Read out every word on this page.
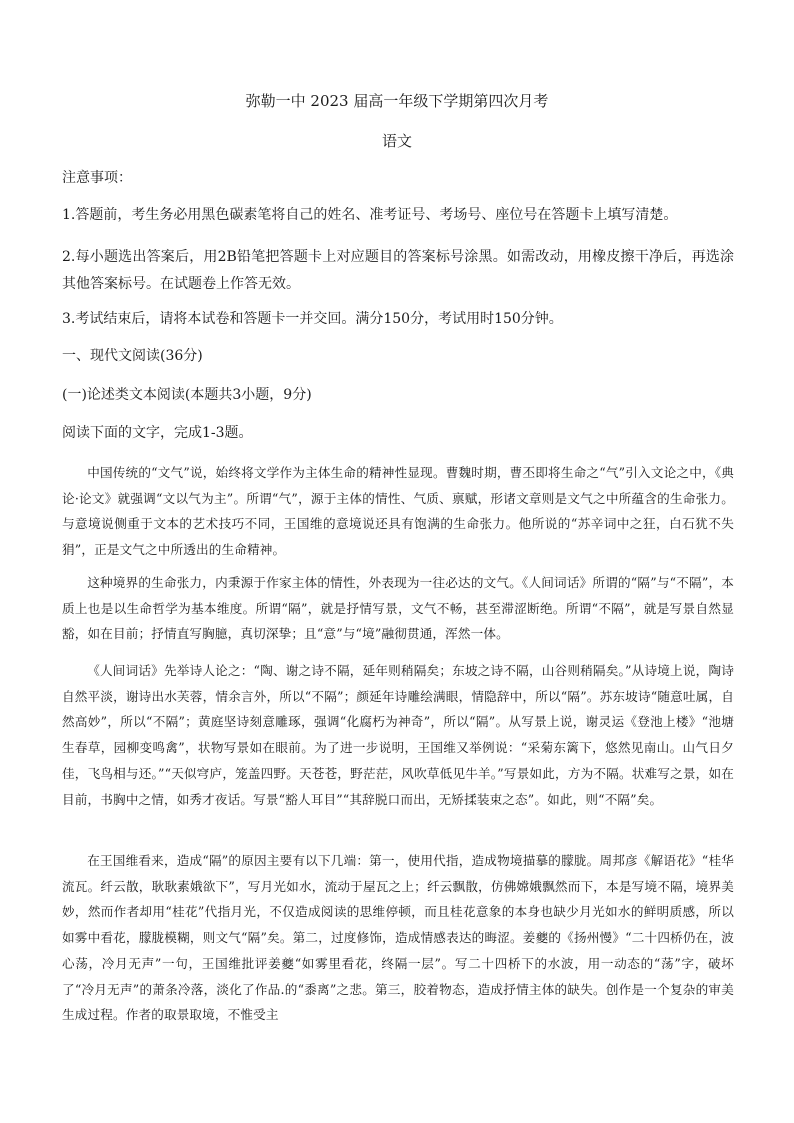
弥勒一中 2023 届高一年级下学期第四次月考
语文

注意事项：

1.答题前，考生务必用黑色碳素笔将自己的姓名、准考证号、考场号、座位号在答题卡上填写清楚。

2.每小题选出答案后，用2B铅笔把答题卡上对应题目的答案标号涂黑。如需改动，用橡皮擦干净后，再选涂其他答案标号。在试题卷上作答无效。

3.考试结束后，请将本试卷和答题卡一并交回。满分150分，考试用时150分钟。

一、现代文阅读(36分)

(一)论述类文本阅读(本题共3小题，9分)

阅读下面的文字，完成1-3题。

中国传统的“文气”说，始终将文学作为主体生命的精神性显现。曹魏时期，曹丕即将生命之“气”引入文论之中，《典论·论文》就强调“文以气为主”。所谓“气”，源于主体的情性、气质、禀赋，形诸文章则是文气之中所蕴含的生命张力。与意境说侧重于文本的艺术技巧不同，王国维的意境说还具有饱满的生命张力。他所说的“苏辛词中之狂，白石犹不失狷”，正是文气之中所透出的生命精神。

这种境界的生命张力，内秉源于作家主体的情性，外表现为一往必达的文气。《人间词话》所谓的“隔”与“不隔”，本质上也是以生命哲学为基本维度。所谓“隔”，就是抒情写景，文气不畅，甚至滞涩断绝。所谓“不隔”，就是写景自然显豁，如在目前；抒情直写胸臆，真切深挚；且“意”与“境”融彻贯通，浑然一体。

《人间词话》先举诗人论之：“陶、谢之诗不隔，延年则稍隔矣；东坡之诗不隔，山谷则稍隔矣。”从诗境上说，陶诗自然平淡，谢诗出水芙蓉，情余言外，所以“不隔”；颜延年诗雕绘满眼，情隐辞中，所以“隔”。苏东坡诗“随意吐属，自然高妙”，所以“不隔”；黄庭坚诗刻意雕琢，强调“化腐朽为神奇”，所以“隔”。从写景上说，谢灵运《登池上楼》“池塘生春草，园柳变鸣禽”，状物写景如在眼前。为了进一步说明，王国维又举例说：“采菊东篱下，悠然见南山。山气日夕佳，飞鸟相与还。”“天似穹庐，笼盖四野。天苍苍，野茫茫，风吹草低见牛羊。”写景如此，方为不隔。状难写之景，如在目前，书胸中之情，如秀才夜话。写景“豁人耳目”“其辞脱口而出，无矫揉装束之态”。如此，则“不隔”矣。

在王国维看来，造成“隔”的原因主要有以下几端：第一，使用代指，造成物境描摹的朦胧。周邦彦《解语花》“桂华流瓦。纤云散，耿耿素娥欲下”，写月光如水，流动于屋瓦之上；纤云飘散，仿佛嫦娥飘然而下，本是写境不隔，境界美妙，然而作者却用“桂花”代指月光，不仅造成阅读的思维停顿，而且桂花意象的本身也缺少月光如水的鲜明质感，所以如雾中看花，朦胧模糊，则文气“隔”矣。第二，过度修饰，造成情感表达的晦涩。姜夔的《扬州慢》“二十四桥仍在，波心荡，冷月无声”一句，王国维批评姜夔“如雾里看花，终隔一层”。写二十四桥下的水波，用一动态的“荡”字，破坏了“冷月无声”的萧条冷落，淡化了作品.的“黍离”之悲。第三，胶着物态，造成抒情主体的缺失。创作是一个复杂的审美生成过程。作者的取景取境，不惟受主
